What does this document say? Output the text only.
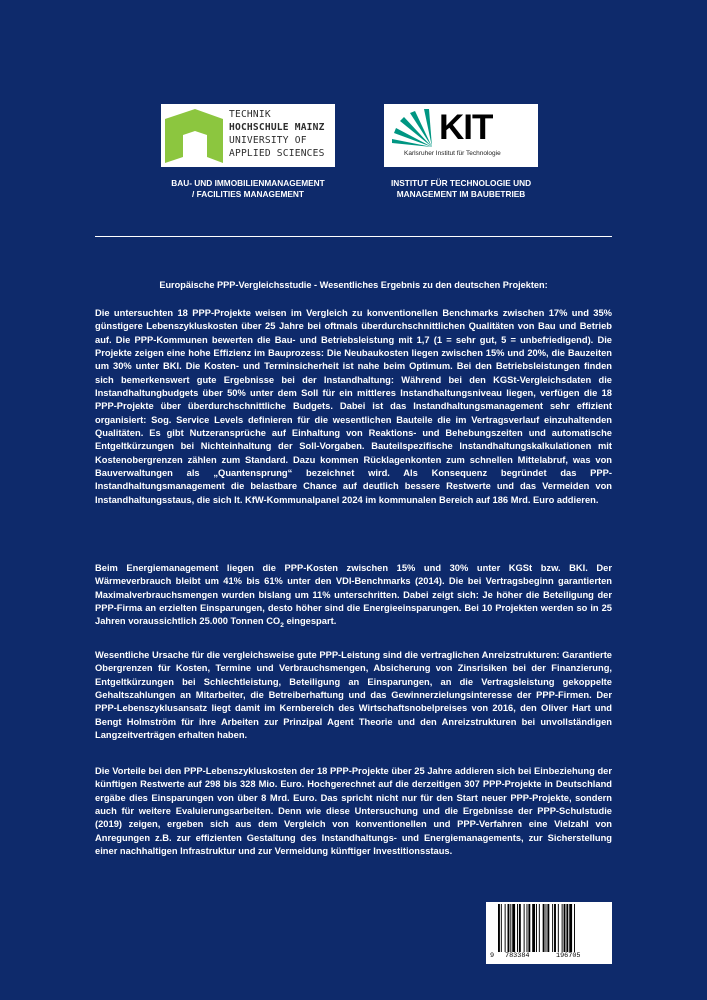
TECHNIK
HOCHSCHULE MAINZ
UNIVERSITY OF
APPLIED SCIENCES
KIT
Karlsruher Institut für Technologie
BAU- UND IMMOBILIENMANAGEMENT
/ FACILITIES MANAGEMENT
INSTITUT FÜR TECHNOLOGIE UND
MANAGEMENT IM BAUBETRIEB
Europäische PPP-Vergleichsstudie - Wesentliches Ergebnis zu den deutschen Projekten:

Die untersuchten 18 PPP-Projekte weisen im Vergleich zu konventionellen Benchmarks zwischen 17% und 35% günstigere Lebenszykluskosten über 25 Jahre bei oftmals überdurchschnittlichen Qualitäten von Bau und Betrieb auf. Die PPP-Kommunen bewerten die Bau- und Betriebsleistung mit 1,7 (1 = sehr gut, 5 = unbefriedigend). Die Projekte zeigen eine hohe Effizienz im Bauprozess: Die Neubaukosten liegen zwischen 15% und 20%, die Bauzeiten um 30% unter BKI. Die Kosten- und Terminsicherheit ist nahe beim Optimum. Bei den Betriebsleistungen finden sich bemerkenswert gute Ergebnisse bei der Instandhaltung: Während bei den KGSt-Vergleichsdaten die Instandhaltungbudgets über 50% unter dem Soll für ein mittleres Instandhaltungsniveau liegen, verfügen die 18 PPP-Projekte über überdurchschnittliche Budgets. Dabei ist das Instandhaltungsmanagement sehr effizient organisiert: Sog. Service Levels definieren für die wesentlichen Bauteile die im Vertragsverlauf einzuhaltenden Qualitäten. Es gibt Nutzeransprüche auf Einhaltung von Reaktions- und Behebungszeiten und automatische Entgeltkürzungen bei Nichteinhaltung der Soll-Vorgaben. Bauteilspezifische Instandhaltungskalkulationen mit Kostenobergrenzen zählen zum Standard. Dazu kommen Rücklagenkonten zum schnellen Mittelabruf, was von Bauverwaltungen als „Quantensprung“ bezeichnet wird. Als Konsequenz begründet das PPP-Instandhaltungsmanagement die belastbare Chance auf deutlich bessere Restwerte und das Vermeiden von Instandhaltungsstaus, die sich lt. KfW-Kommunalpanel 2024 im kommunalen Bereich auf 186 Mrd. Euro addieren.

Beim Energiemanagement liegen die PPP-Kosten zwischen 15% und 30% unter KGSt bzw. BKI. Der Wärmeverbrauch bleibt um 41% bis 61% unter den VDI-Benchmarks (2014). Die bei Vertragsbeginn garantierten Maximalverbrauchsmengen wurden bislang um 11% unterschritten. Dabei zeigt sich: Je höher die Beteiligung der PPP-Firma an erzielten Einsparungen, desto höher sind die Energieeinsparungen. Bei 10 Projekten werden so in 25 Jahren voraussichtlich 25.000 Tonnen $CO_2$ eingespart.

Wesentliche Ursache für die vergleichsweise gute PPP-Leistung sind die vertraglichen Anreizstrukturen: Garantierte Obergrenzen für Kosten, Termine und Verbrauchsmengen, Absicherung von Zinsrisiken bei der Finanzierung, Entgeltkürzungen bei Schlechtleistung, Beteiligung an Einsparungen, an die Vertragsleistung gekoppelte Gehaltszahlungen an Mitarbeiter, die Betreiberhaftung und das Gewinnerzielungsinteresse der PPP-Firmen. Der PPP-Lebenszyklusansatz liegt damit im Kernbereich des Wirtschaftsnobelpreises von 2016, den Oliver Hart und Bengt Holmström für ihre Arbeiten zur Prinzipal Agent Theorie und den Anreizstrukturen bei unvollständigen Langzeitverträgen erhalten haben.

Die Vorteile bei den PPP-Lebenszykluskosten der 18 PPP-Projekte über 25 Jahre addieren sich bei Einbeziehung der künftigen Restwerte auf 298 bis 328 Mio. Euro. Hochgerechnet auf die derzeitigen 307 PPP-Projekte in Deutschland ergäbe dies Einsparungen von über 8 Mrd. Euro. Das spricht nicht nur für den Start neuer PPP-Projekte, sondern auch für weitere Evaluierungsarbeiten. Denn wie diese Untersuchung und die Ergebnisse der PPP-Schulstudie (2019) zeigen, ergeben sich aus dem Vergleich von konventionellen und PPP-Verfahren eine Vielzahl von Anregungen z.B. zur effizienten Gestaltung des Instandhaltungs- und Energiemanagements, zur Sicherstellung einer nachhaltigen Infrastruktur und zur Vermeidung künftiger Investitionsstaus.

9 783384	196705
